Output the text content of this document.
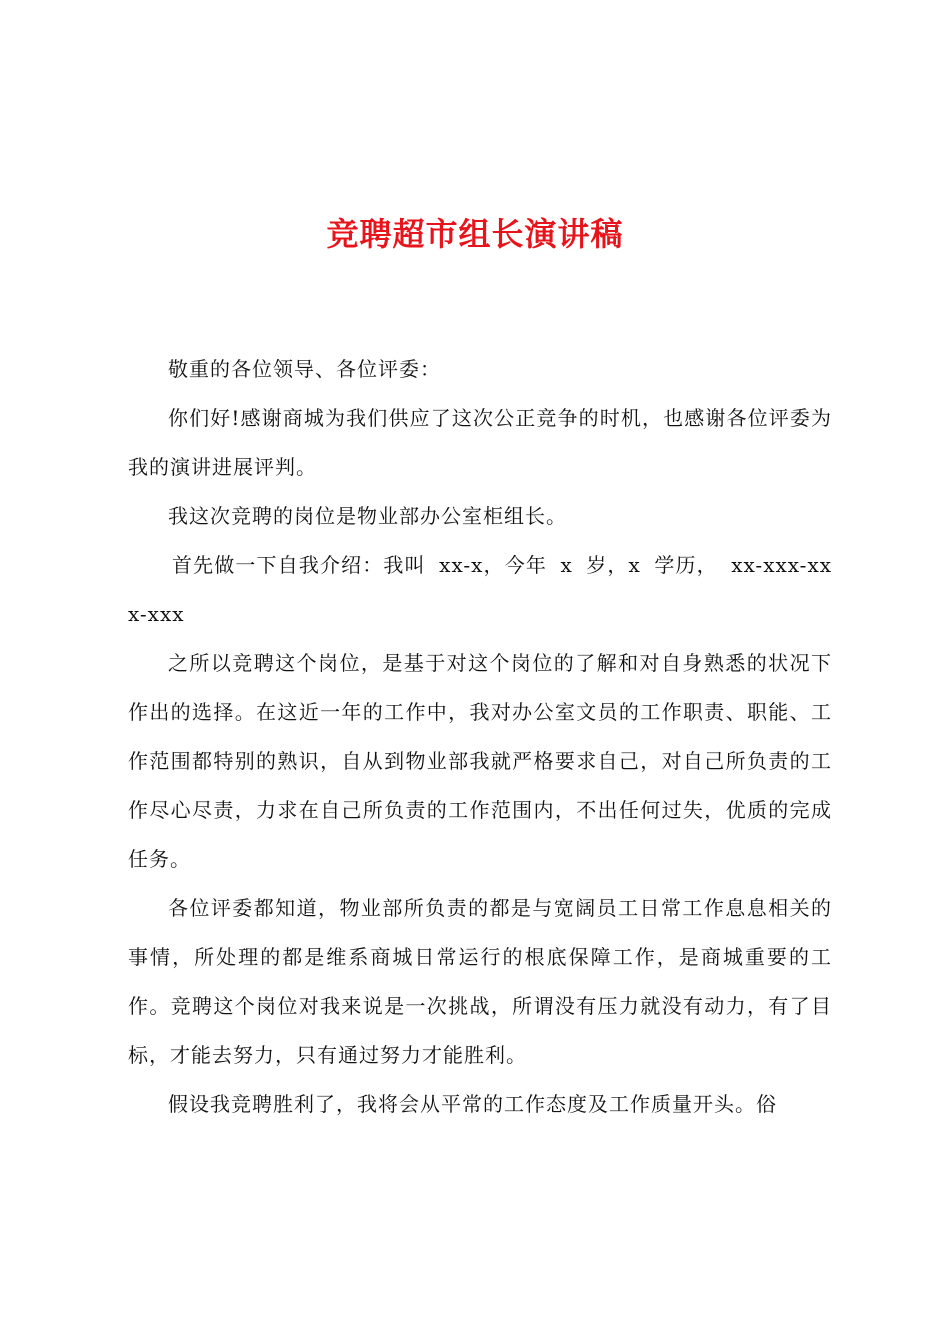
竞聘超市组长演讲稿

敬重的各位领导、各位评委：

你们好!感谢商城为我们供应了这次公正竞争的时机，也感谢各位评委为我的演讲进展评判。

我这次竞聘的岗位是物业部办公室柜组长。

首先做一下自我介绍：我叫 xx-x，今年 x 岁，x 学历， xx-xxx-xxx-xxx

之所以竞聘这个岗位，是基于对这个岗位的了解和对自身熟悉的状况下作出的选择。在这近一年的工作中，我对办公室文员的工作职责、职能、工作范围都特别的熟识，自从到物业部我就严格要求自己，对自己所负责的工作尽心尽责，力求在自己所负责的工作范围内，不出任何过失，优质的完成任务。

各位评委都知道，物业部所负责的都是与宽阔员工日常工作息息相关的事情，所处理的都是维系商城日常运行的根底保障工作，是商城重要的工作。竞聘这个岗位对我来说是一次挑战，所谓没有压力就没有动力，有了目标，才能去努力，只有通过努力才能胜利。

假设我竞聘胜利了，我将会从平常的工作态度及工作质量开头。俗
